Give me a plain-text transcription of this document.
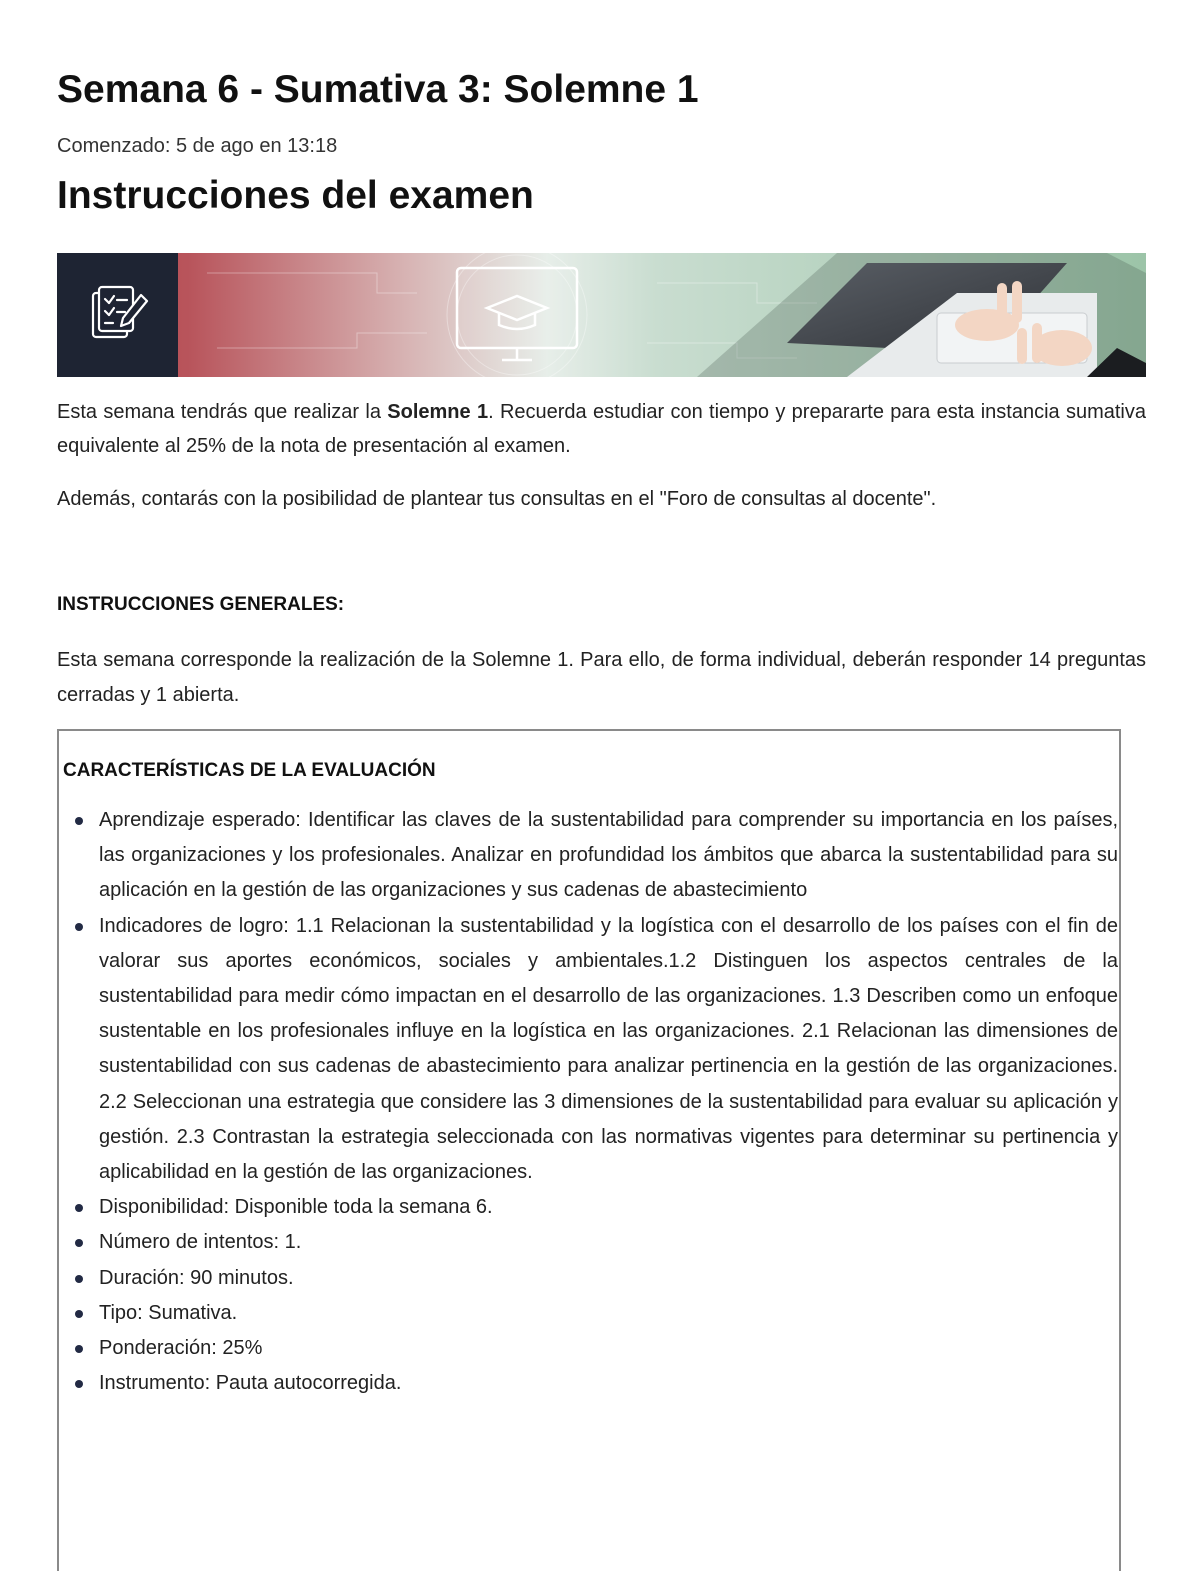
Semana 6 - Sumativa 3: Solemne 1
Comenzado: 5 de ago en 13:18
Instrucciones del examen
Esta semana tendrás que realizar la Solemne 1. Recuerda estudiar con tiempo y prepararte para esta instancia sumativa equivalente al 25% de la nota de presentación al examen.
Además, contarás con la posibilidad de plantear tus consultas en el "Foro de consultas al docente".
INSTRUCCIONES GENERALES:
Esta semana corresponde la realización de la Solemne 1. Para ello, de forma individual, deberán responder 14 preguntas cerradas y 1 abierta.
CARACTERÍSTICAS DE LA EVALUACIÓN
Aprendizaje esperado: Identificar las claves de la sustentabilidad para comprender su importancia en los países, las organizaciones y los profesionales. Analizar en profundidad los ámbitos que abarca la sustentabilidad para su aplicación en la gestión de las organizaciones y sus cadenas de abastecimiento
Indicadores de logro: 1.1 Relacionan la sustentabilidad y la logística con el desarrollo de los países con el fin de valorar sus aportes económicos, sociales y ambientales.1.2 Distinguen los aspectos centrales de la sustentabilidad para medir cómo impactan en el desarrollo de las organizaciones. 1.3 Describen como un enfoque sustentable en los profesionales influye en la logística en las organizaciones. 2.1 Relacionan las dimensiones de sustentabilidad con sus cadenas de abastecimiento para analizar pertinencia en la gestión de las organizaciones. 2.2 Seleccionan una estrategia que considere las 3 dimensiones de la sustentabilidad para evaluar su aplicación y gestión. 2.3 Contrastan la estrategia seleccionada con las normativas vigentes para determinar su pertinencia y aplicabilidad en la gestión de las organizaciones.
Disponibilidad: Disponible toda la semana 6.
Número de intentos: 1.
Duración: 90 minutos.
Tipo: Sumativa.
Ponderación: 25%
Instrumento: Pauta autocorregida.
